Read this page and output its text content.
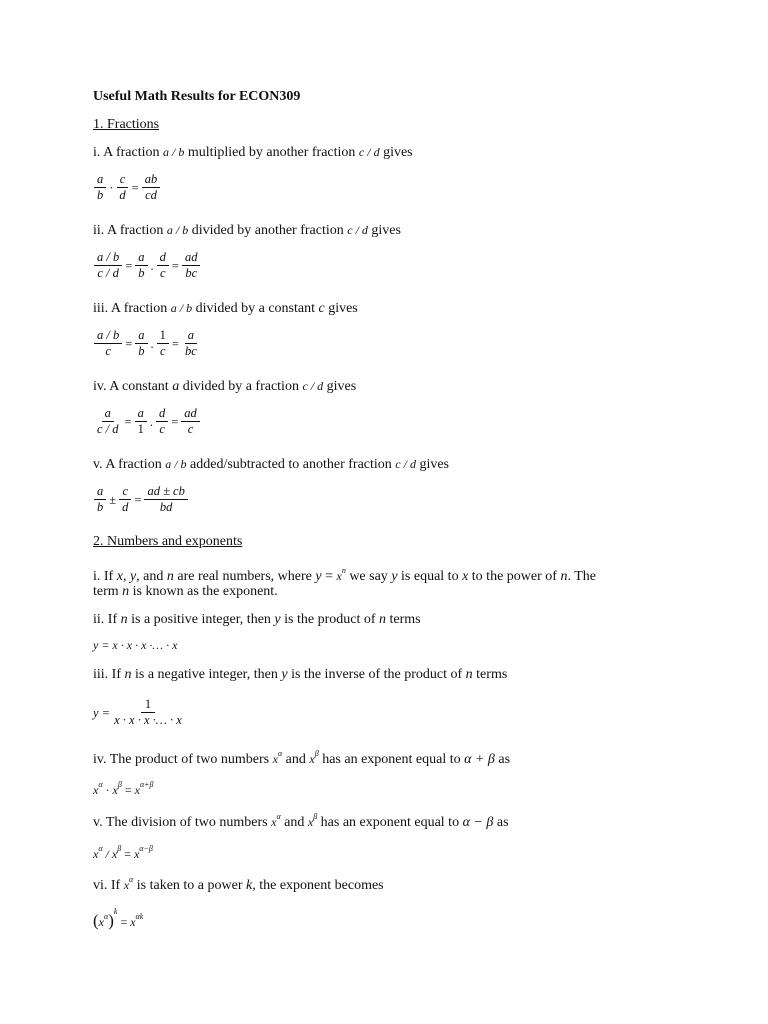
Useful Math Results for ECON309
1. Fractions
i. A fraction a / b multiplied by another fraction c / d gives
$\frac{a}{b} \cdot \frac{c}{d} = \frac{ab}{cd}$
ii. A fraction a / b divided by another fraction c / d gives
$\frac{a / b}{c / d} = \frac{a}{b}$ . $\frac{d}{c} = \frac{ad}{bc}$
iii. A fraction a / b divided by a constant c gives
$\frac{a / b}{c} = \frac{a}{b}$ . $\frac{1}{c} = \frac{a}{bc}$
iv. A constant a divided by a fraction c / d gives
$\frac{a}{c / d} = \frac{a}{1}$ . $\frac{d}{c} = \frac{ad}{c}$
v. A fraction a / b added/subtracted to another fraction c / d gives
$\frac{a}{b} \pm \frac{c}{d} = \frac{ad \pm cb}{bd}$
2. Numbers and exponents
i. If x, y, and n are real numbers, where $y = x^n$ we say y is equal to x to the power of n. The
term n is known as the exponent.
ii. If n is a positive integer, then y is the product of n terms
y = x · x · x ·… · x
iii. If n is a negative integer, then y is the inverse of the product of n terms
$y = \frac{1}{x \cdot x \cdot x \cdot\dots \cdot x}$
iv. The product of two numbers $x^\alpha$ and $x^\beta$ has an exponent equal to α + β as
$x^\alpha \cdot x^\beta = x^{\alpha+\beta}$
v. The division of two numbers $x^\alpha$ and $x^\beta$ has an exponent equal to α − β as
$x^\alpha / x^\beta = x^{\alpha-\beta}$
vi. If $x^\alpha$ is taken to a power k, the exponent becomes
$(x^\alpha)^k = x^{\alpha k}$
